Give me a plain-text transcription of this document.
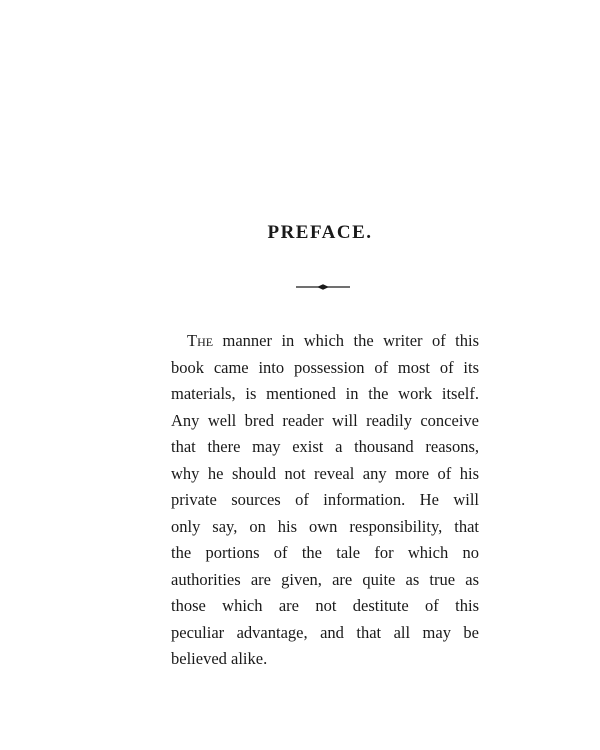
PREFACE.
The manner in which the writer of this
book came into possession of most of its
materials, is mentioned in the work itself.
Any well bred reader will readily conceive
that there may exist a thousand reasons,
why he should not reveal any more of his
private sources of information. He will
only say, on his own responsibility, that
the portions of the tale for which no
authorities are given, are quite as true as
those which are not destitute of this
peculiar advantage, and that all may be
believed alike.
